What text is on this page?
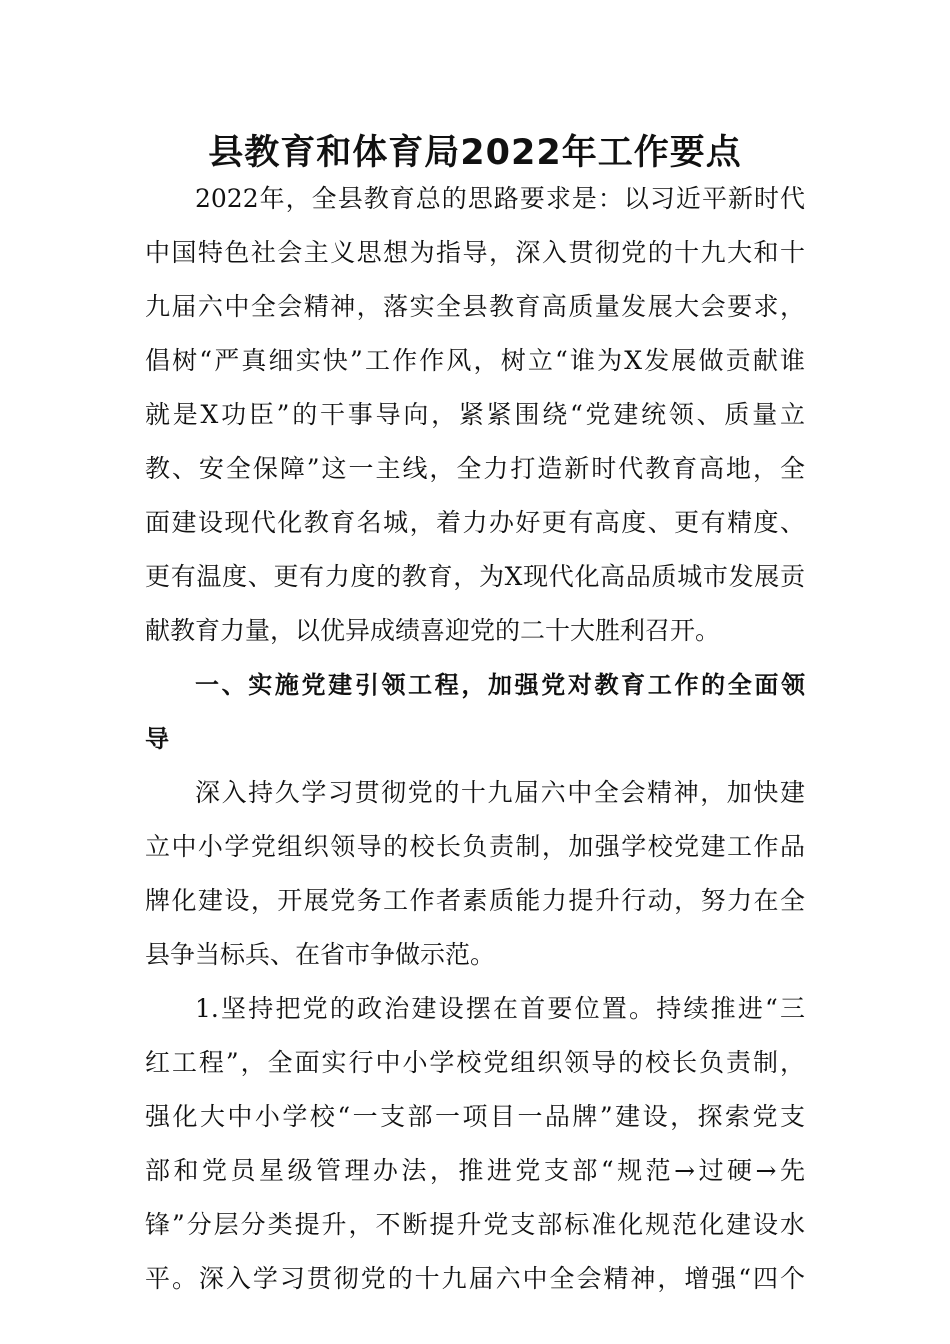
县教育和体育局2022年工作要点
2022年，全县教育总的思路要求是：以习近平新时代
中国特色社会主义思想为指导，深入贯彻党的十九大和十
九届六中全会精神，落实全县教育高质量发展大会要求，
倡树“严真细实快”工作作风，树立“谁为X发展做贡献谁
就是X功臣”的干事导向，紧紧围绕“党建统领、质量立
教、安全保障”这一主线，全力打造新时代教育高地，全
面建设现代化教育名城，着力办好更有高度、更有精度、
更有温度、更有力度的教育，为X现代化高品质城市发展贡
献教育力量，以优异成绩喜迎党的二十大胜利召开。
一、实施党建引领工程，加强党对教育工作的全面领
导
深入持久学习贯彻党的十九届六中全会精神，加快建
立中小学党组织领导的校长负责制，加强学校党建工作品
牌化建设，开展党务工作者素质能力提升行动，努力在全
县争当标兵、在省市争做示范。
1.坚持把党的政治建设摆在首要位置。持续推进“三
红工程”，全面实行中小学校党组织领导的校长负责制，
强化大中小学校“一支部一项目一品牌”建设，探索党支
部和党员星级管理办法，推进党支部“规范→过硬→先
锋”分层分类提升，不断提升党支部标准化规范化建设水
平。深入学习贯彻党的十九届六中全会精神，增强“四个
